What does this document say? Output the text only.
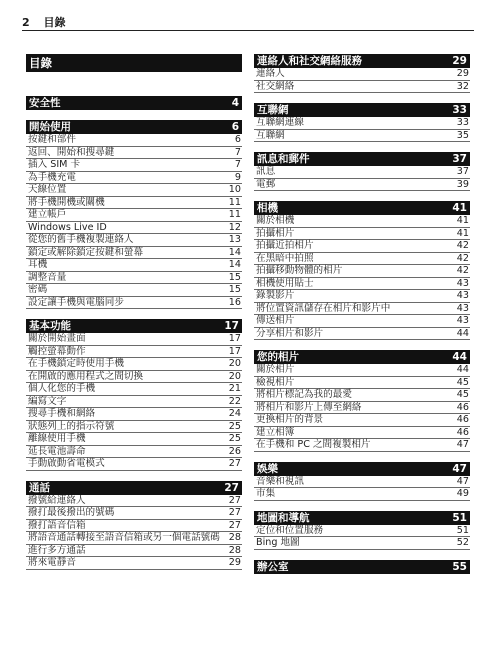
2 目錄
目錄
安全性	4
開始使用	6
按鍵和部件	6
返回、開始和搜尋鍵	7
插入 SIM 卡	7
為手機充電	9
天線位置	10
將手機開機或關機	11
建立帳戶	11
Windows Live ID	12
從您的舊手機複製連絡人	13
鎖定或解除鎖定按鍵和螢幕	14
耳機	14
調整音量	15
密碼	15
設定讓手機與電腦同步	16
基本功能	17
關於開始畫面	17
觸控螢幕動作	17
在手機鎖定時使用手機	20
在開啟的應用程式之間切換	20
個人化您的手機	21
編寫文字	22
搜尋手機和網絡	24
狀態列上的指示符號	25
離線使用手機	25
延長電池壽命	26
手動啟動省電模式	27
通話	27
撥號給連絡人	27
撥打最後撥出的號碼	27
撥打語音信箱	27
將語音通話轉接至語音信箱或另一個電話號碼 28
進行多方通話	28
將來電靜音	29
連絡人和社交網絡服務	29
連絡人	29
社交網絡	32
互聯網	33
互聯網連線	33
互聯網	35
訊息和郵件	37
訊息	37
電郵	39
相機	41
關於相機	41
拍攝相片	41
拍攝近拍相片	42
在黑暗中拍照	42
拍攝移動物體的相片	42
相機使用貼士	43
錄製影片	43
將位置資訊儲存在相片和影片中	43
傳送相片	43
分享相片和影片	44
您的相片	44
關於相片	44
檢視相片	45
將相片標記為我的最愛	45
將相片和影片上傳至網絡	46
更換相片的背景	46
建立相簿	46
在手機和 PC 之間複製相片	47
娛樂	47
音樂和視訊	47
市集	49
地圖和導航	51
定位和位置服務	51
Bing 地圖	52
辦公室	55
